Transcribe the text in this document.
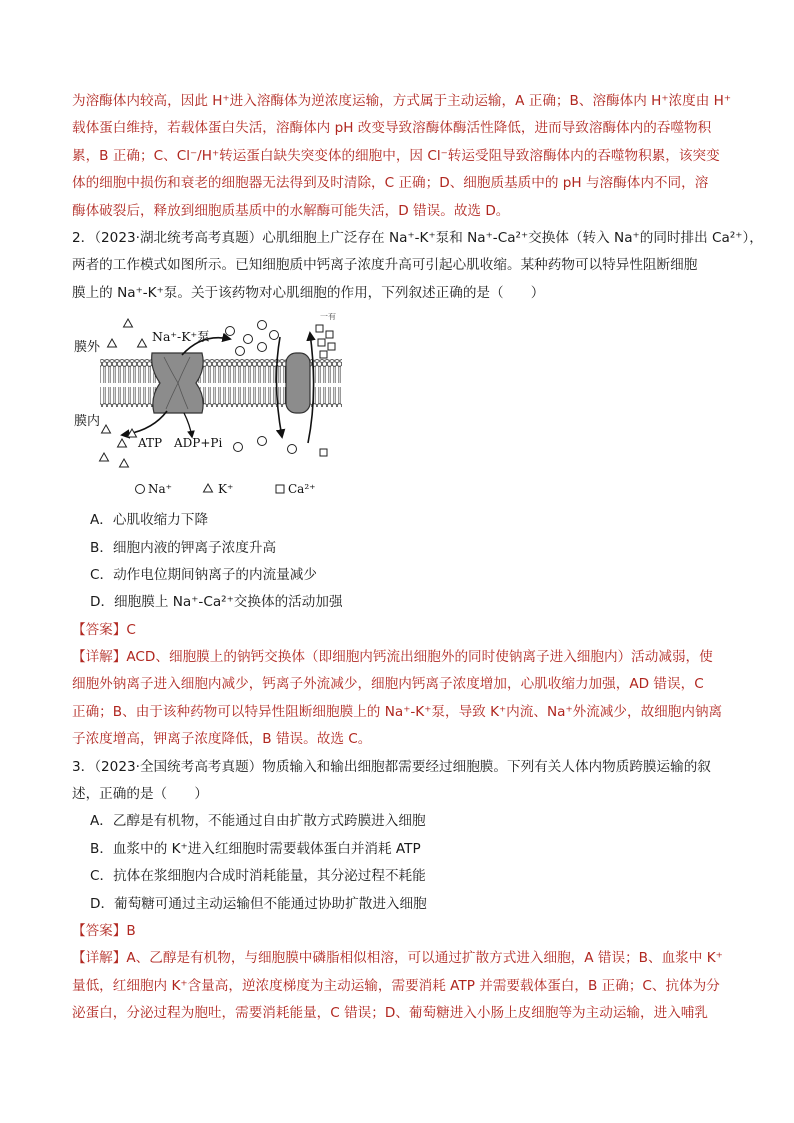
为溶酶体内较高，因此 H⁺进入溶酶体为逆浓度运输，方式属于主动运输，A 正确；B、溶酶体内 H⁺浓度由 H⁺
载体蛋白维持，若载体蛋白失活，溶酶体内 pH 改变导致溶酶体酶活性降低，进而导致溶酶体内的吞噬物积
累，B 正确；C、Cl⁻/H⁺转运蛋白缺失突变体的细胞中，因 Cl⁻转运受阻导致溶酶体内的吞噬物积累，该突变
体的细胞中损伤和衰老的细胞器无法得到及时清除，C 正确；D、细胞质基质中的 pH 与溶酶体内不同，溶
酶体破裂后，释放到细胞质基质中的水解酶可能失活，D 错误。故选 D。
2．（2023·湖北统考高考真题）心肌细胞上广泛存在 Na⁺-K⁺泵和 Na⁺-Ca²⁺交换体（转入 Na⁺的同时排出 Ca²⁺），
两者的工作模式如图所示。已知细胞质中钙离子浓度升高可引起心肌收缩。某种药物可以特异性阻断细胞
膜上的 Na⁺-K⁺泵。关于该药物对心肌细胞的作用，下列叙述正确的是（　　）
膜外
膜内
Na⁺-K⁺泵
ATP ADP+Pi
一有
Na⁺	K⁺	Ca²⁺
A．心肌收缩力下降
B．细胞内液的钾离子浓度升高
C．动作电位期间钠离子的内流量减少
D．细胞膜上 Na⁺-Ca²⁺交换体的活动加强
【答案】C
【详解】ACD、细胞膜上的钠钙交换体（即细胞内钙流出细胞外的同时使钠离子进入细胞内）活动减弱，使
细胞外钠离子进入细胞内减少，钙离子外流减少，细胞内钙离子浓度增加，心肌收缩力加强，AD 错误，C
正确；B、由于该种药物可以特异性阻断细胞膜上的 Na⁺-K⁺泵，导致 K⁺内流、Na⁺外流减少，故细胞内钠离
子浓度增高，钾离子浓度降低，B 错误。故选 C。
3．（2023·全国统考高考真题）物质输入和输出细胞都需要经过细胞膜。下列有关人体内物质跨膜运输的叙
述，正确的是（　　）
A．乙醇是有机物，不能通过自由扩散方式跨膜进入细胞
B．血浆中的 K⁺进入红细胞时需要载体蛋白并消耗 ATP
C．抗体在浆细胞内合成时消耗能量，其分泌过程不耗能
D．葡萄糖可通过主动运输但不能通过协助扩散进入细胞
【答案】B
【详解】A、乙醇是有机物，与细胞膜中磷脂相似相溶，可以通过扩散方式进入细胞，A 错误；B、血浆中 K⁺
量低，红细胞内 K⁺含量高，逆浓度梯度为主动运输，需要消耗 ATP 并需要载体蛋白，B 正确；C、抗体为分
泌蛋白，分泌过程为胞吐，需要消耗能量，C 错误；D、葡萄糖进入小肠上皮细胞等为主动运输，进入哺乳
